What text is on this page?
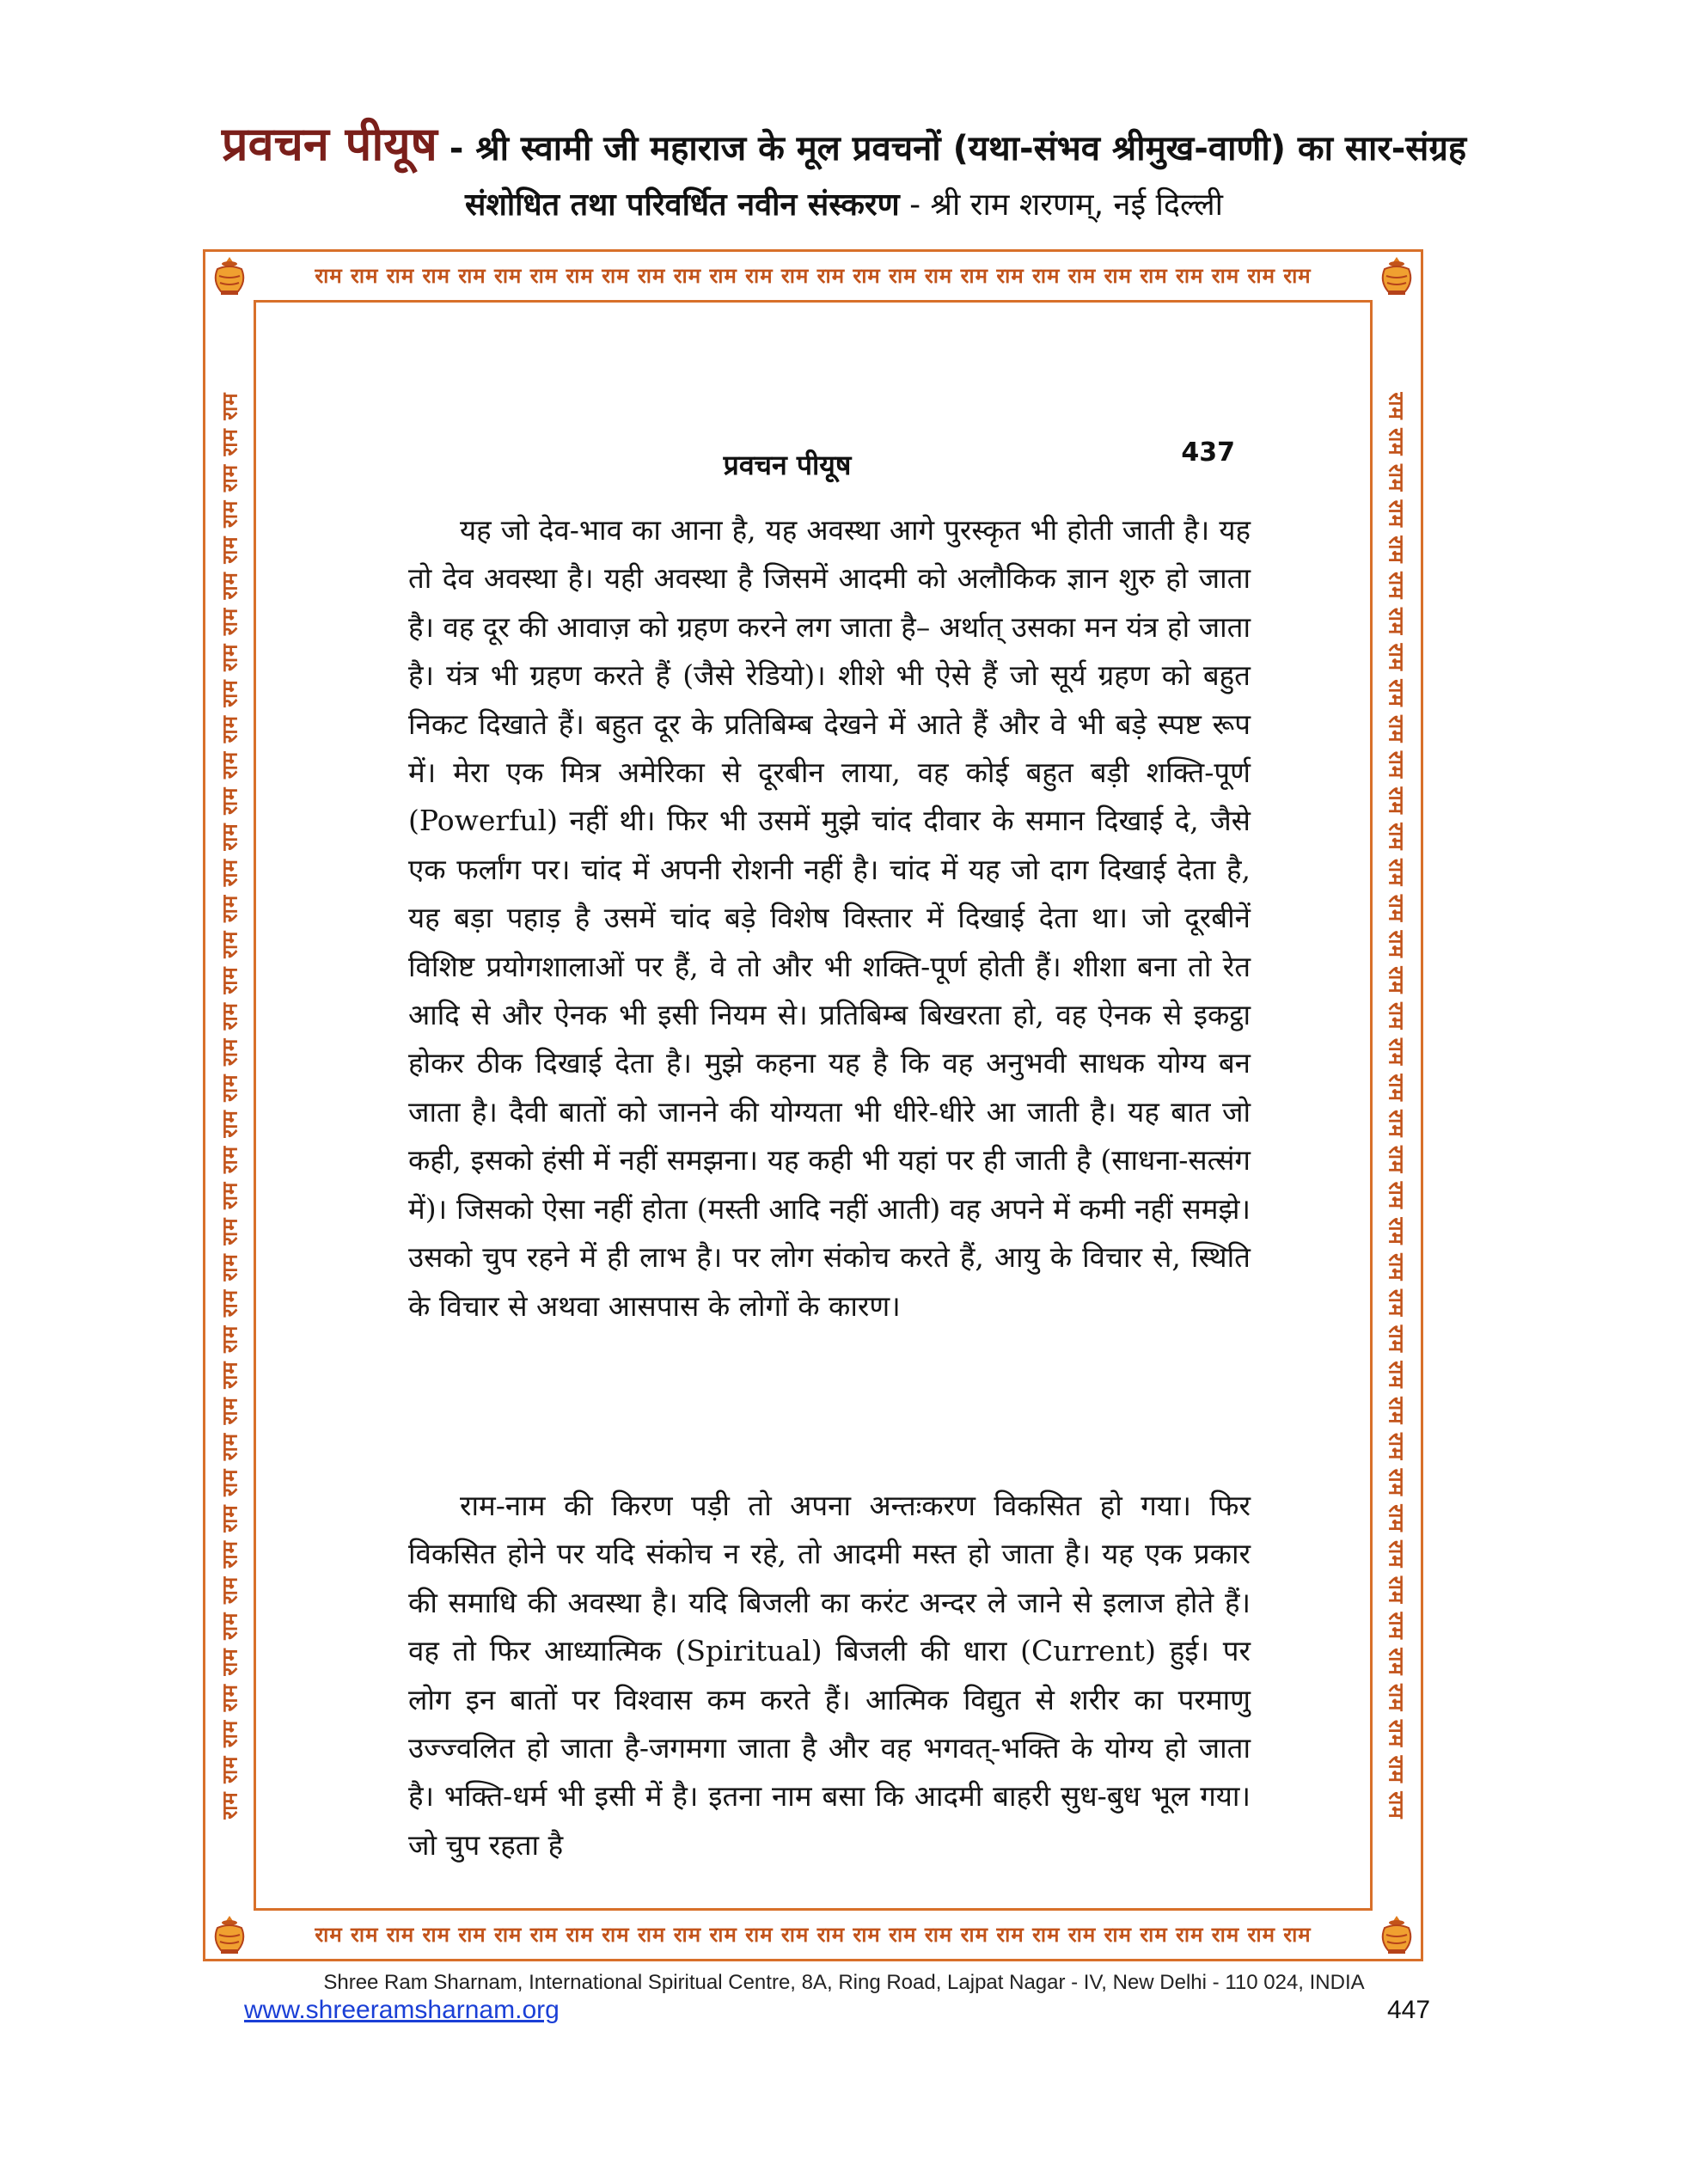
प्रवचन पीयूष - श्री स्वामी जी महाराज के मूल प्रवचनों (यथा-संभव श्रीमुख-वाणी) का सार-संग्रह
संशोधित तथा परिवर्धित नवीन संस्करण - श्री राम शरणम्, नई दिल्ली
राम राम राम राम राम राम राम राम राम राम राम राम राम राम राम राम राम राम राम राम राम राम राम राम राम राम राम राम
राम राम राम राम राम राम राम राम राम राम राम राम राम राम राम राम राम राम राम राम राम राम राम राम राम राम राम राम
राम राम राम राम राम राम राम राम राम राम राम राम राम राम राम राम राम राम राम राम राम राम राम राम राम राम राम राम राम राम राम राम राम राम राम राम राम राम राम राम	राम राम राम राम राम राम राम राम राम राम राम राम राम राम राम राम राम राम राम राम राम राम राम राम राम राम राम राम राम राम राम राम राम राम राम राम राम राम राम राम
प्रवचन पीयूष	437

यह जो देव-भाव का आना है, यह अवस्था आगे पुरस्कृत भी होती जाती है। यह तो देव अवस्था है। यही अवस्था है जिसमें आदमी को अलौकिक ज्ञान शुरु हो जाता है। वह दूर की आवाज़ को ग्रहण करने लग जाता है– अर्थात् उसका मन यंत्र हो जाता है। यंत्र भी ग्रहण करते हैं (जैसे रेडियो)। शीशे भी ऐसे हैं जो सूर्य ग्रहण को बहुत निकट दिखाते हैं। बहुत दूर के प्रतिबिम्ब देखने में आते हैं और वे भी बड़े स्पष्ट रूप में। मेरा एक मित्र अमेरिका से दूरबीन लाया, वह कोई बहुत बड़ी शक्ति-पूर्ण (Powerful) नहीं थी। फिर भी उसमें मुझे चांद दीवार के समान दिखाई दे, जैसे एक फर्लांग पर। चांद में अपनी रोशनी नहीं है। चांद में यह जो दाग दिखाई देता है, यह बड़ा पहाड़ है उसमें चांद बड़े विशेष विस्तार में दिखाई देता था। जो दूरबीनें विशिष्ट प्रयोगशालाओं पर हैं, वे तो और भी शक्ति-पूर्ण होती हैं। शीशा बना तो रेत आदि से और ऐनक भी इसी नियम से। प्रतिबिम्ब बिखरता हो, वह ऐनक से इकट्ठा होकर ठीक दिखाई देता है। मुझे कहना यह है कि वह अनुभवी साधक योग्य बन जाता है। दैवी बातों को जानने की योग्यता भी धीरे-धीरे आ जाती है। यह बात जो कही, इसको हंसी में नहीं समझना। यह कही भी यहां पर ही जाती है (साधना-सत्संग में)। जिसको ऐसा नहीं होता (मस्ती आदि नहीं आती) वह अपने में कमी नहीं समझे। उसको चुप रहने में ही लाभ है। पर लोग संकोच करते हैं, आयु के विचार से, स्थिति के विचार से अथवा आसपास के लोगों के कारण।

राम-नाम की किरण पड़ी तो अपना अन्तःकरण विकसित हो गया। फिर विकसित होने पर यदि संकोच न रहे, तो आदमी मस्त हो जाता है। यह एक प्रकार की समाधि की अवस्था है। यदि बिजली का करंट अन्दर ले जाने से इलाज होते हैं। वह तो फिर आध्यात्मिक (Spiritual) बिजली की धारा (Current) हुई। पर लोग इन बातों पर विश्वास कम करते हैं। आत्मिक विद्युत से शरीर का परमाणु उज्ज्वलित हो जाता है-जगमगा जाता है और वह भगवत्-भक्ति के योग्य हो जाता है। भक्ति-धर्म भी इसी में है। इतना नाम बसा कि आदमी बाहरी सुध-बुध भूल गया। जो चुप रहता है

Shree Ram Sharnam, International Spiritual Centre, 8A, Ring Road, Lajpat Nagar - IV, New Delhi - 110 024, INDIA
www.shreeramsharnam.org	447
